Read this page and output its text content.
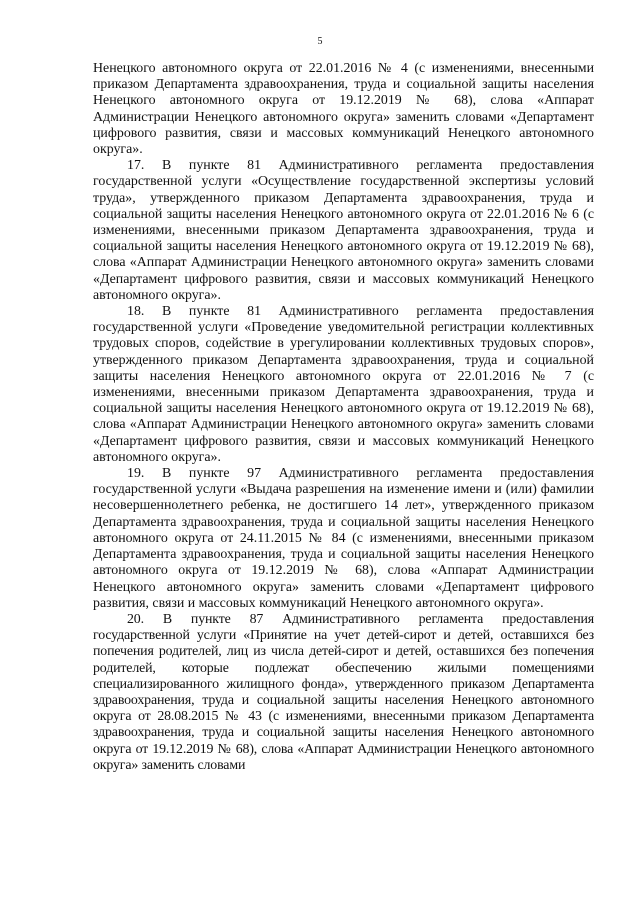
5

Ненецкого автономного округа от 22.01.2016 № 4 (с изменениями, внесенными приказом Департамента здравоохранения, труда и социальной защиты населения Ненецкого автономного округа от 19.12.2019 № 68), слова «Аппарат Администрации Ненецкого автономного округа» заменить словами «Департамент цифрового развития, связи и массовых коммуникаций Ненецкого автономного округа».

17. В пункте 81 Административного регламента предоставления государственной услуги «Осуществление государственной экспертизы условий труда», утвержденного приказом Департамента здравоохранения, труда и социальной защиты населения Ненецкого автономного округа от 22.01.2016 № 6 (с изменениями, внесенными приказом Департамента здравоохранения, труда и социальной защиты населения Ненецкого автономного округа от 19.12.2019 № 68), слова «Аппарат Администрации Ненецкого автономного округа» заменить словами «Департамент цифрового развития, связи и массовых коммуникаций Ненецкого автономного округа».

18. В пункте 81 Административного регламента предоставления государственной услуги «Проведение уведомительной регистрации коллективных трудовых споров, содействие в урегулировании коллективных трудовых споров», утвержденного приказом Департамента здравоохранения, труда и социальной защиты населения Ненецкого автономного округа от 22.01.2016 № 7 (с изменениями, внесенными приказом Департамента здравоохранения, труда и социальной защиты населения Ненецкого автономного округа от 19.12.2019 № 68), слова «Аппарат Администрации Ненецкого автономного округа» заменить словами «Департамент цифрового развития, связи и массовых коммуникаций Ненецкого автономного округа».

19. В пункте 97 Административного регламента предоставления государственной услуги «Выдача разрешения на изменение имени и (или) фамилии несовершеннолетнего ребенка, не достигшего 14 лет», утвержденного приказом Департамента здравоохранения, труда и социальной защиты населения Ненецкого автономного округа от 24.11.2015 № 84 (с изменениями, внесенными приказом Департамента здравоохранения, труда и социальной защиты населения Ненецкого автономного округа от 19.12.2019 № 68), слова «Аппарат Администрации Ненецкого автономного округа» заменить словами «Департамент цифрового развития, связи и массовых коммуникаций Ненецкого автономного округа».

20. В пункте 87 Административного регламента предоставления государственной услуги «Принятие на учет детей-сирот и детей, оставшихся без попечения родителей, лиц из числа детей-сирот и детей, оставшихся без попечения родителей, которые подлежат обеспечению жилыми помещениями специализированного жилищного фонда», утвержденного приказом Департамента здравоохранения, труда и социальной защиты населения Ненецкого автономного округа от 28.08.2015 № 43 (с изменениями, внесенными приказом Департамента здравоохранения, труда и социальной защиты населения Ненецкого автономного округа от 19.12.2019 № 68), слова «Аппарат Администрации Ненецкого автономного округа» заменить словами
